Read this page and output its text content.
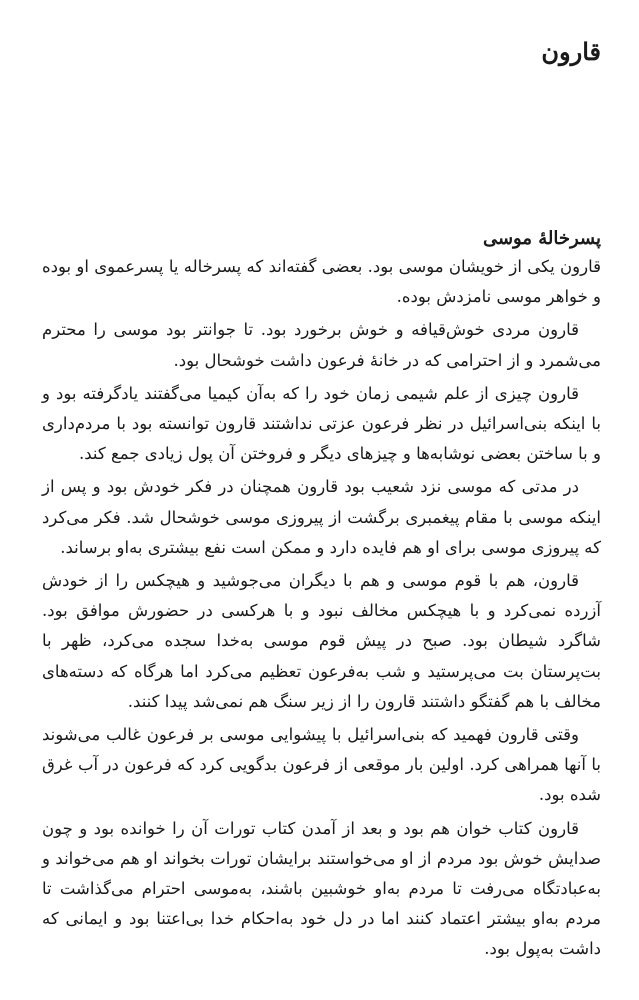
قارون
پسرخالهٔ موسی

قارون یکی از خویشان موسی بود. بعضی گفته‌اند که پسرخاله یا پسرعموی او بوده و خواهر موسی نامزدش بوده.

قارون مردی خوش‌قیافه و خوش برخورد بود. تا جوانتر بود موسی را محترم می‌شمرد و از احترامی که در خانهٔ فرعون داشت خوشحال بود.

قارون چیزی از علم شیمی زمان خود را که به‌آن کیمیا می‌گفتند یادگرفته بود و با اینکه بنی‌اسرائیل در نظر فرعون عزتی نداشتند قارون توانسته بود با مردم‌داری و با ساختن بعضی نوشابه‌ها و چیزهای دیگر و فروختن آن پول زیادی جمع کند.

در مدتی که موسی نزد شعیب بود قارون همچنان در فکر خودش بود و پس از اینکه موسی با مقام پیغمبری برگشت از پیروزی موسی خوشحال شد. فکر می‌کرد که پیروزی موسی برای او هم فایده دارد و ممکن است نفع بیشتری به‌او برساند.

قارون، هم با قوم موسی و هم با دیگران می‌جوشید و هیچکس را از خودش آزرده نمی‌کرد و با هیچکس مخالف نبود و با هرکسی در حضورش موافق بود. شاگرد شیطان بود. صبح در پیش قوم موسی به‌خدا سجده می‌کرد، ظهر با بت‌پرستان بت می‌پرستید و شب به‌فرعون تعظیم می‌کرد اما هرگاه که دسته‌های مخالف با هم گفتگو داشتند قارون را از زیر سنگ هم نمی‌شد پیدا کنند.

وقتی قارون فهمید که بنی‌اسرائیل با پیشوایی موسی بر فرعون غالب می‌شوند با آنها همراهی کرد. اولین بار موقعی از فرعون بدگویی کرد که فرعون در آب غرق شده بود.

قارون کتاب خوان هم بود و بعد از آمدن کتاب تورات آن را خوانده بود و چون صدایش خوش بود مردم از او می‌خواستند برایشان تورات بخواند او هم می‌خواند و به‌عبادتگاه می‌رفت تا مردم به‌او خوشبین باشند، به‌موسی احترام می‌گذاشت تا مردم به‌او بیشتر اعتماد کنند اما در دل خود به‌احکام خدا بی‌اعتنا بود و ایمانی که داشت به‌پول بود.
